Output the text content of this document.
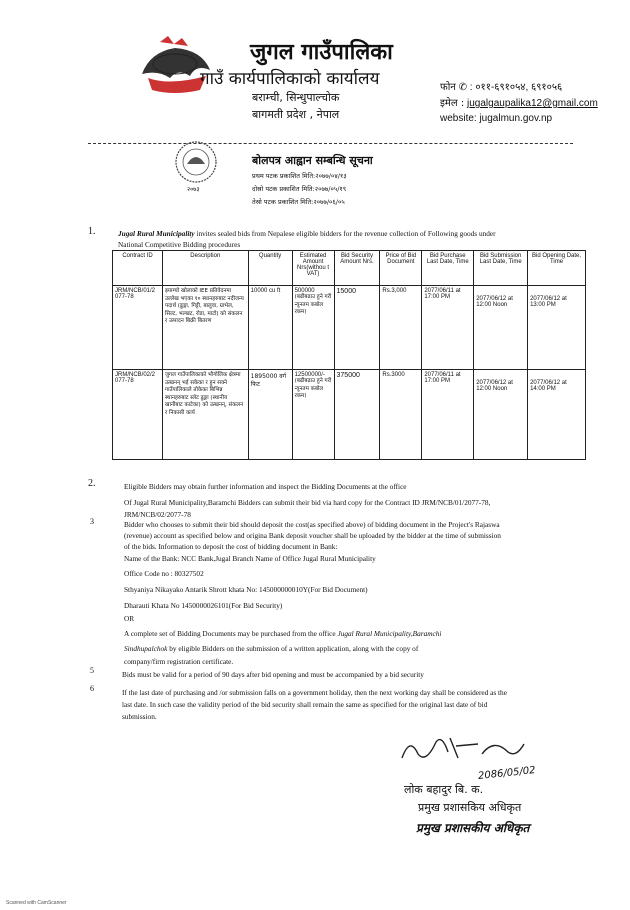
जुगल गाउँपालिका
गाउँ कार्यपालिकाको कार्यालय
बराम्ची, सिन्धुपाल्चोक
बागमती प्रदेश , नेपाल
फोन ✆ : ०११-६९१०५४, ६९१०५६
इमेल : jugalgaupalika12@gmail.com
website: jugalmun.gov.np
२०७३
बोलपत्र आह्वान सम्बन्धि सूचना
प्रथम पटक प्रकाशित मिति:२०७७/०४/१३
दोस्रो पटक प्रकाशित मिति:२०७७/०५/१९
तेस्रो पटक प्रकाशित मिति:२०७७/०६/०५
1.	Jugal Rural Municipality invites sealed bids from Nepalese eligible bidders for the revenue collection of Following goods under
National Competitive Bidding procedures
Contract ID	Description	Quantity	Estimated Amount Nrs(withou t VAT)	Bid Security Amount Nrs.	Price of Bid Document	Bid Purchase Last Date, Time	Bid Submission Last Date, Time	Bid Opening Date, Time
JRM/NCB/01/2 077-78	झ्याम्चो खोलाको IEE प्रतिवेदनमा उल्लेख भएका १० स्थानहरुबाट नदीजन्य पदार्थ (ढुङ्गा, गिट्टी, बालुवा, ग्राभेल, सिल्ट, भल्खट, रोडा, माटो) को संकलन र उत्पादन बिक्री बितरण	10000 cu ft	500000
(बढीबढाउ हुने गरी न्यूनतम कबोल रकम)	15000	Rs.3,000	2077/06/11 at 17:00 PM	2077/06/12 at 12:00 Noon	2077/06/12 at 13:00 PM
JRM/NCB/02/2 077-78	जुगल गाउँपालिकाको भौगोलिक क्षेत्रमा उत्खनन् भई सकेका र हुन सक्ने गाउँपालिकाले तोकेका बिभिन्न स्थानहरुबाट स्लेट ढुङ्गा (स्थानीय खानीबाट काटेका) को उत्खनन्, संकलन र निकासी कार्य	1895000 वर्ग फिट	12500000/-
(बढीबढाउ हुने गरी न्यूनतम कबोल रकम)	375000	Rs.3000	2077/06/11 at 17:00 PM	2077/06/12 at 12:00 Noon	2077/06/12 at 14:00 PM
2.	Eligible Bidders may obtain further information and inspect the Bidding Documents at the office
Of Jugal Rural Municipality,Baramchi Bidders can submit their bid via hard copy for the Contract ID JRM/NCB/01/2077-78,
JRM/NCB/02/2077-78
3	Bidder who chooses to submit their bid should deposit the cost(as specified above) of bidding document in the Project's Rajaswa
(revenue) account as specified below and origina Bank deposit voucher shall be uploaded by the bidder at the time of submission
of the bids. Information to deposit the cost of bidding document in Bank:
Name of the Bank: NCC Bank,Jugal Branch Name of Office Jugal Rural Municipality
Office Code no : 80327502
Sthyaniya Nikayako Antarik Shrott khata No: 145000000010Y(For Bid Document)
Dharauti Khata No 1450000026101(For Bid Security)
OR
A complete set of Bidding Documents may be purchased from the office Jugal Rural Municipality,Baramchi
Sindhupalchok by eligible Bidders on the submission of a written application, along with the copy of
company/firm registration certificate.
5	Bids must be valid for a period of 90 days after bid opening and must be accompanied by a bid security
6	If the last date of purchasing and /or submission falls on a government holiday, then the next working day shall be considered as the
last date. In such case the validity period of the bid security shall remain the same as specified for the original last date of bid
submission.
2086/05/02
लोक बहादुर बि. क.
प्रमुख प्रशासकिय अधिकृत
प्रमुख प्रशासकीय अधिकृत
Scanned with CamScanner
